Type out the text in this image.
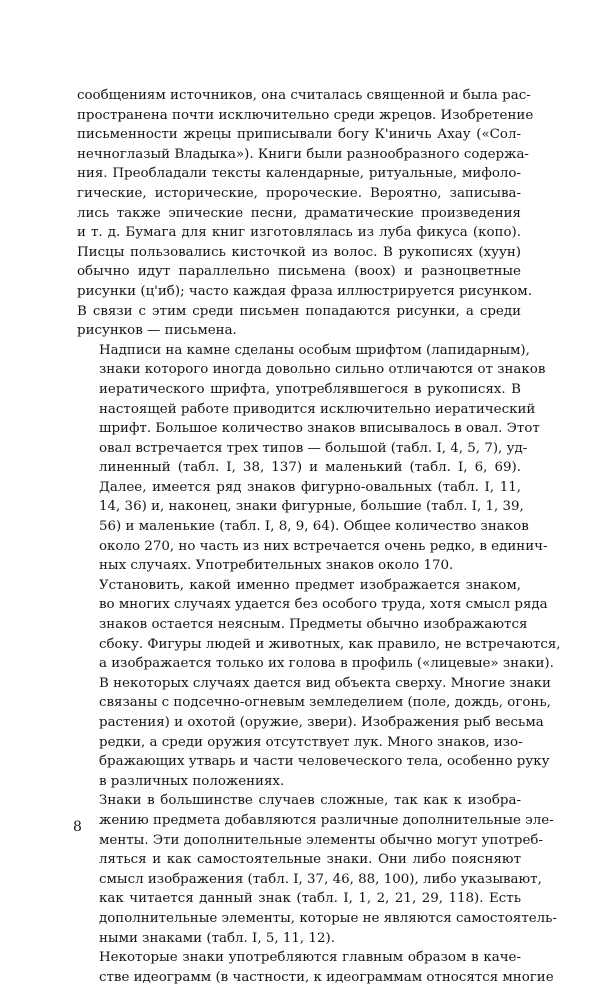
сообщениям источников, она считалась священной и была рас-
пространена почти исключительно среди жрецов. Изобретение
письменности жрецы приписывали богу К'иничь Ахау («Сол-
нечноглазый Владыка»). Книги были разнообразного содержа-
ния. Преобладали тексты календарные, ритуальные, мифоло-
гические, исторические, пророческие. Вероятно, записыва-
лись также эпические песни, драматические произведения
и т. д. Бумага для книг изготовлялась из луба фикуса (копо).
Писцы пользовались кисточкой из волос. В рукописях (хуун)
обычно идут параллельно письмена (воох) и разноцветные
рисунки (ц'иб); часто каждая фраза иллюстрируется рисунком.
В связи с этим среди письмен попадаются рисунки, а среди
рисунков — письмена.

Надписи на камне сделаны особым шрифтом (лапидарным),
знаки которого иногда довольно сильно отличаются от знаков
иератического шрифта, употреблявшегося в рукописях. В
настоящей работе приводится исключительно иератический
шрифт. Большое количество знаков вписывалось в овал. Этот
овал встречается трех типов — большой (табл. I, 4, 5, 7), уд-
линенный (табл. I, 38, 137) и маленький (табл. I, 6, 69).
Далее, имеется ряд знаков фигурно-овальных (табл. I, 11,
14, 36) и, наконец, знаки фигурные, большие (табл. I, 1, 39,
56) и маленькие (табл. I, 8, 9, 64). Общее количество знаков
около 270, но часть из них встречается очень редко, в единич-
ных случаях. Употребительных знаков около 170.

Установить, какой именно предмет изображается знаком,
во многих случаях удается без особого труда, хотя смысл ряда
знаков остается неясным. Предметы обычно изображаются
сбоку. Фигуры людей и животных, как правило, не встречаются,
а изображается только их голова в профиль («лицевые» знаки).
В некоторых случаях дается вид объекта сверху. Многие знаки
связаны с подсечно-огневым земледелием (поле, дождь, огонь,
растения) и охотой (оружие, звери). Изображения рыб весьма
редки, а среди оружия отсутствует лук. Много знаков, изо-
бражающих утварь и части человеческого тела, особенно руку
в различных положениях.

Знаки в большинстве случаев сложные, так как к изобра-
жению предмета добавляются различные дополнительные эле-
менты. Эти дополнительные элементы обычно могут употреб-
ляться и как самостоятельные знаки. Они либо поясняют
смысл изображения (табл. I, 37, 46, 88, 100), либо указывают,
как читается данный знак (табл. I, 1, 2, 21, 29, 118). Есть
дополнительные элементы, которые не являются самостоятель-
ными знаками (табл. I, 5, 11, 12).

Некоторые знаки употребляются главным образом в каче-
стве идеограмм (в частности, к идеограммам относятся многие

8
